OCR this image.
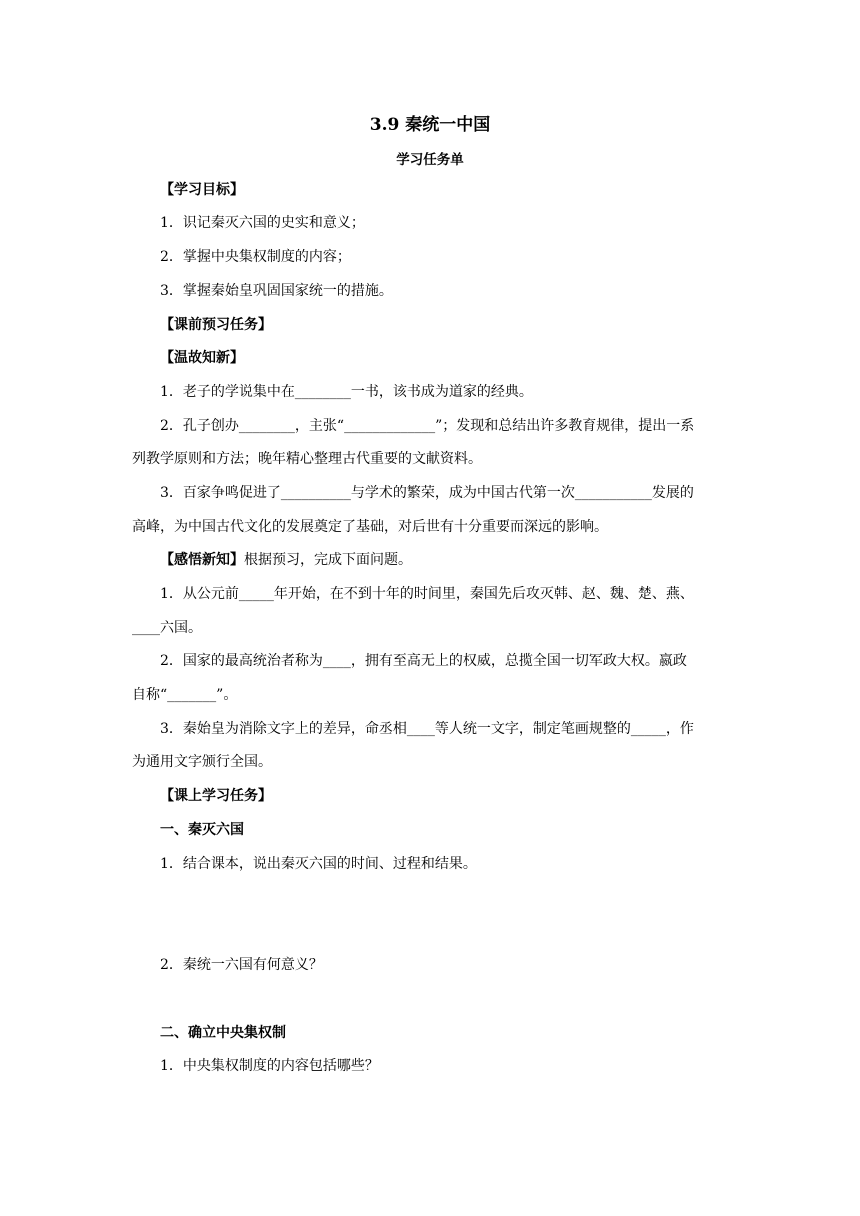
3.9 秦统一中国
学习任务单
【学习目标】
1．识记秦灭六国的史实和意义；
2．掌握中央集权制度的内容；
3．掌握秦始皇巩固国家统一的措施。
【课前预习任务】
【温故知新】
1．老子的学说集中在________一书，该书成为道家的经典。
2．孔子创办________，主张“_____________”；发现和总结出许多教育规律，提出一系
列教学原则和方法；晚年精心整理古代重要的文献资料。
3．百家争鸣促进了__________与学术的繁荣，成为中国古代第一次___________发展的
高峰，为中国古代文化的发展奠定了基础，对后世有十分重要而深远的影响。
【感悟新知】根据预习，完成下面问题。
1．从公元前_____年开始，在不到十年的时间里，秦国先后攻灭韩、赵、魏、楚、燕、
____六国。
2．国家的最高统治者称为____，拥有至高无上的权威，总揽全国一切军政大权。嬴政
自称“_______”。
3．秦始皇为消除文字上的差异，命丞相____等人统一文字，制定笔画规整的_____，作
为通用文字颁行全国。
【课上学习任务】
一、秦灭六国
1．结合课本，说出秦灭六国的时间、过程和结果。
2．秦统一六国有何意义？
二、确立中央集权制
1．中央集权制度的内容包括哪些？
